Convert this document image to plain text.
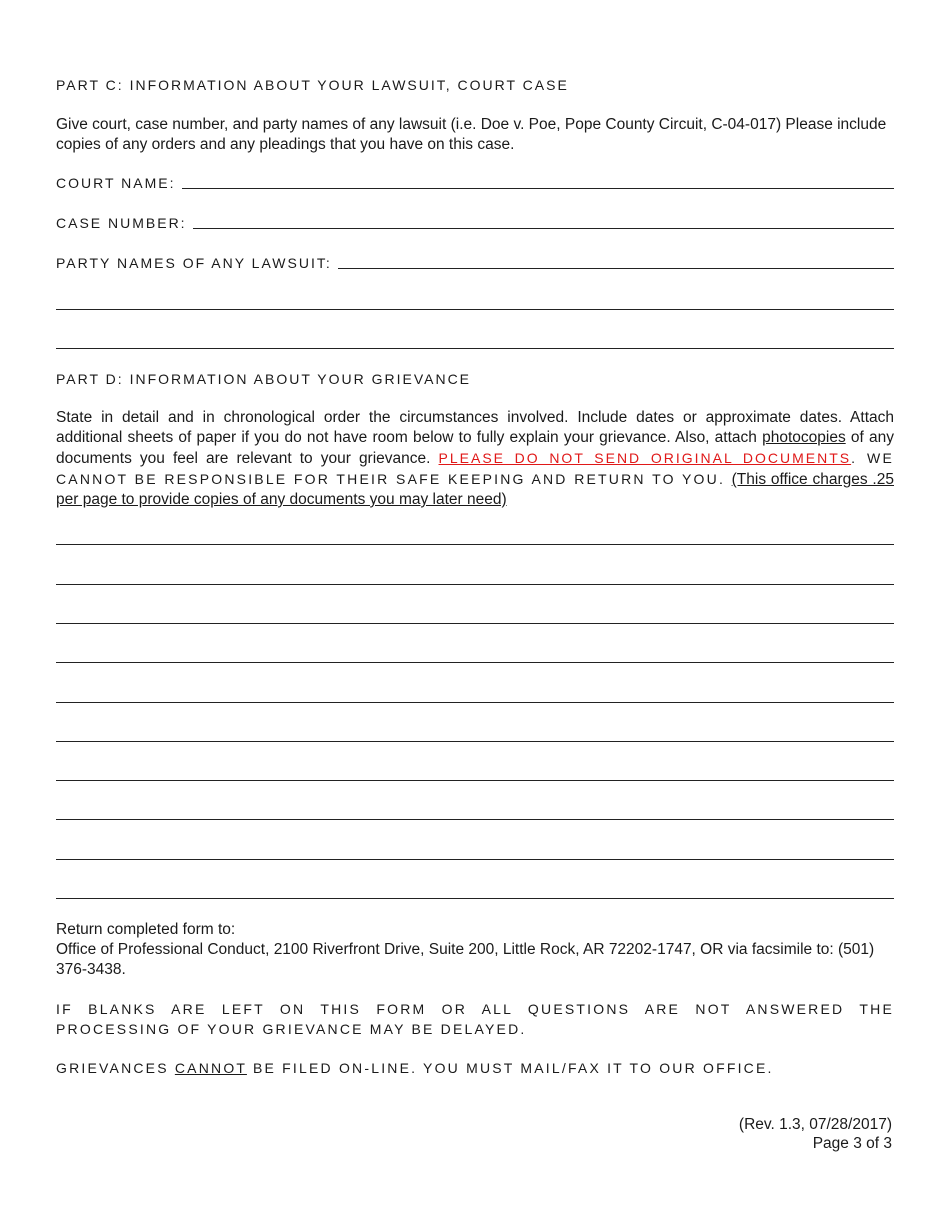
PART C: INFORMATION ABOUT YOUR LAWSUIT, COURT CASE
Give court, case number, and party names of any lawsuit (i.e. Doe v. Poe, Pope County Circuit, C-04-017) Please include copies of any orders and any pleadings that you have on this case.
COURT NAME:
CASE NUMBER:
PARTY NAMES OF ANY LAWSUIT:
PART D: INFORMATION ABOUT YOUR GRIEVANCE
State in detail and in chronological order the circumstances involved. Include dates or approximate dates. Attach additional sheets of paper if you do not have room below to fully explain your grievance. Also, attach photocopies of any documents you feel are relevant to your grievance. PLEASE DO NOT SEND ORIGINAL DOCUMENTS. WE CANNOT BE RESPONSIBLE FOR THEIR SAFE KEEPING AND RETURN TO YOU. (This office charges .25 per page to provide copies of any documents you may later need)
Return completed form to:
Office of Professional Conduct, 2100 Riverfront Drive, Suite 200, Little Rock, AR 72202-1747, OR via facsimile to: (501) 376-3438.
IF BLANKS ARE LEFT ON THIS FORM OR ALL QUESTIONS ARE NOT ANSWERED THE PROCESSING OF YOUR GRIEVANCE MAY BE DELAYED.
GRIEVANCES CANNOT BE FILED ON-LINE. YOU MUST MAIL/FAX IT TO OUR OFFICE.
(Rev. 1.3, 07/28/2017)
Page 3 of 3
